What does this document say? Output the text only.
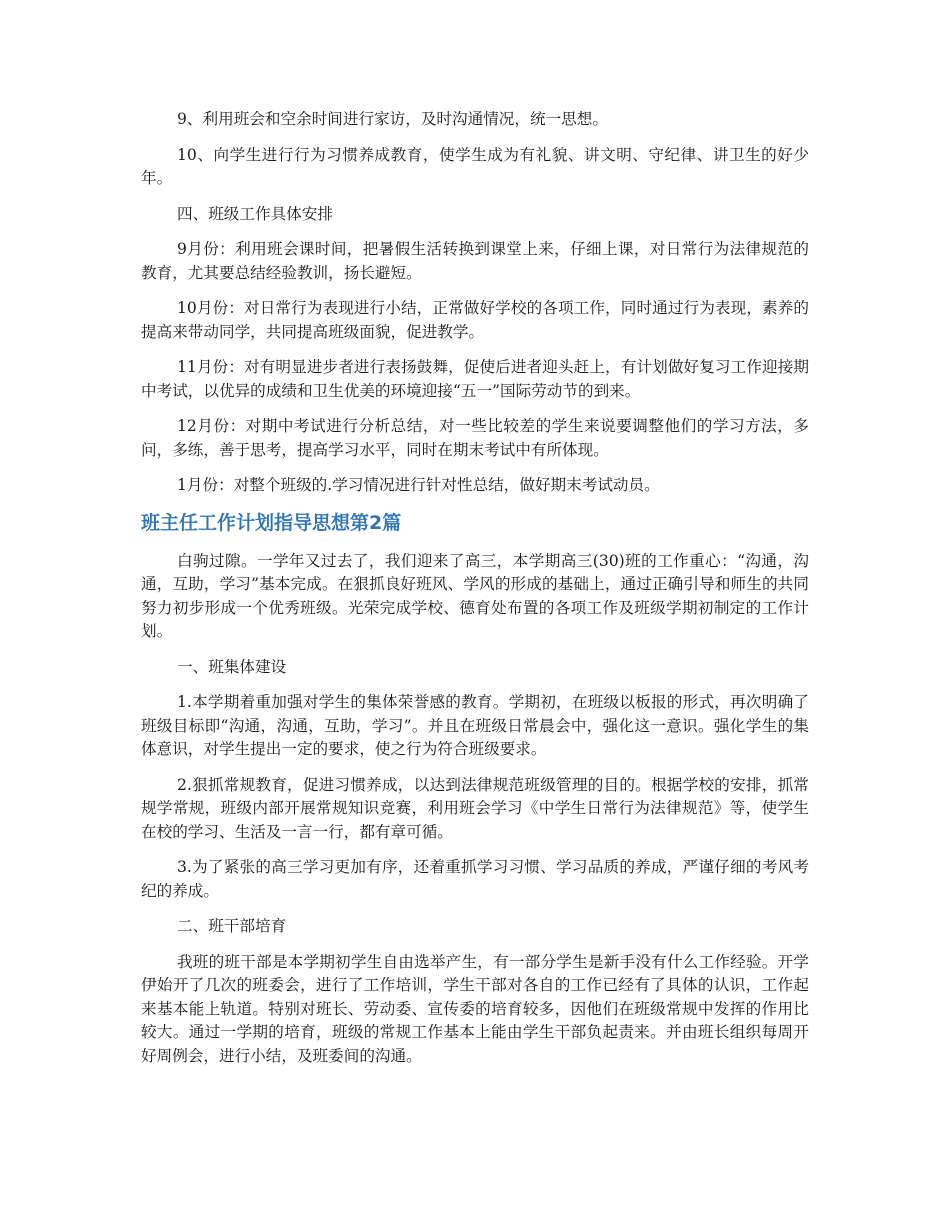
9、利用班会和空余时间进行家访，及时沟通情况，统一思想。

10、向学生进行行为习惯养成教育，使学生成为有礼貌、讲文明、守纪律、讲卫生的好少年。

四、班级工作具体安排

9月份：利用班会课时间，把暑假生活转换到课堂上来，仔细上课，对日常行为法律规范的教育，尤其要总结经验教训，扬长避短。

10月份：对日常行为表现进行小结，正常做好学校的各项工作，同时通过行为表现，素养的提高来带动同学，共同提高班级面貌，促进教学。

11月份：对有明显进步者进行表扬鼓舞，促使后进者迎头赶上，有计划做好复习工作迎接期中考试，以优异的成绩和卫生优美的环境迎接“五一”国际劳动节的到来。

12月份：对期中考试进行分析总结，对一些比较差的学生来说要调整他们的学习方法，多问，多练，善于思考，提高学习水平，同时在期末考试中有所体现。

1月份：对整个班级的.学习情况进行针对性总结，做好期末考试动员。

班主任工作计划指导思想第2篇

白驹过隙。一学年又过去了，我们迎来了高三，本学期高三(30)班的工作重心：“沟通，沟通，互助，学习”基本完成。在狠抓良好班风、学风的形成的基础上，通过正确引导和师生的共同努力初步形成一个优秀班级。光荣完成学校、德育处布置的各项工作及班级学期初制定的工作计划。

一、班集体建设

1.本学期着重加强对学生的集体荣誉感的教育。学期初，在班级以板报的形式，再次明确了班级目标即“沟通，沟通，互助，学习”。并且在班级日常晨会中，强化这一意识。强化学生的集体意识，对学生提出一定的要求，使之行为符合班级要求。

2.狠抓常规教育，促进习惯养成，以达到法律规范班级管理的目的。根据学校的安排，抓常规学常规，班级内部开展常规知识竞赛，利用班会学习《中学生日常行为法律规范》等，使学生在校的学习、生活及一言一行，都有章可循。

3.为了紧张的高三学习更加有序，还着重抓学习习惯、学习品质的养成，严谨仔细的考风考纪的养成。

二、班干部培育

我班的班干部是本学期初学生自由选举产生，有一部分学生是新手没有什么工作经验。开学伊始开了几次的班委会，进行了工作培训，学生干部对各自的工作已经有了具体的认识，工作起来基本能上轨道。特别对班长、劳动委、宣传委的培育较多，因他们在班级常规中发挥的作用比较大。通过一学期的培育，班级的常规工作基本上能由学生干部负起责来。并由班长组织每周开好周例会，进行小结，及班委间的沟通。
